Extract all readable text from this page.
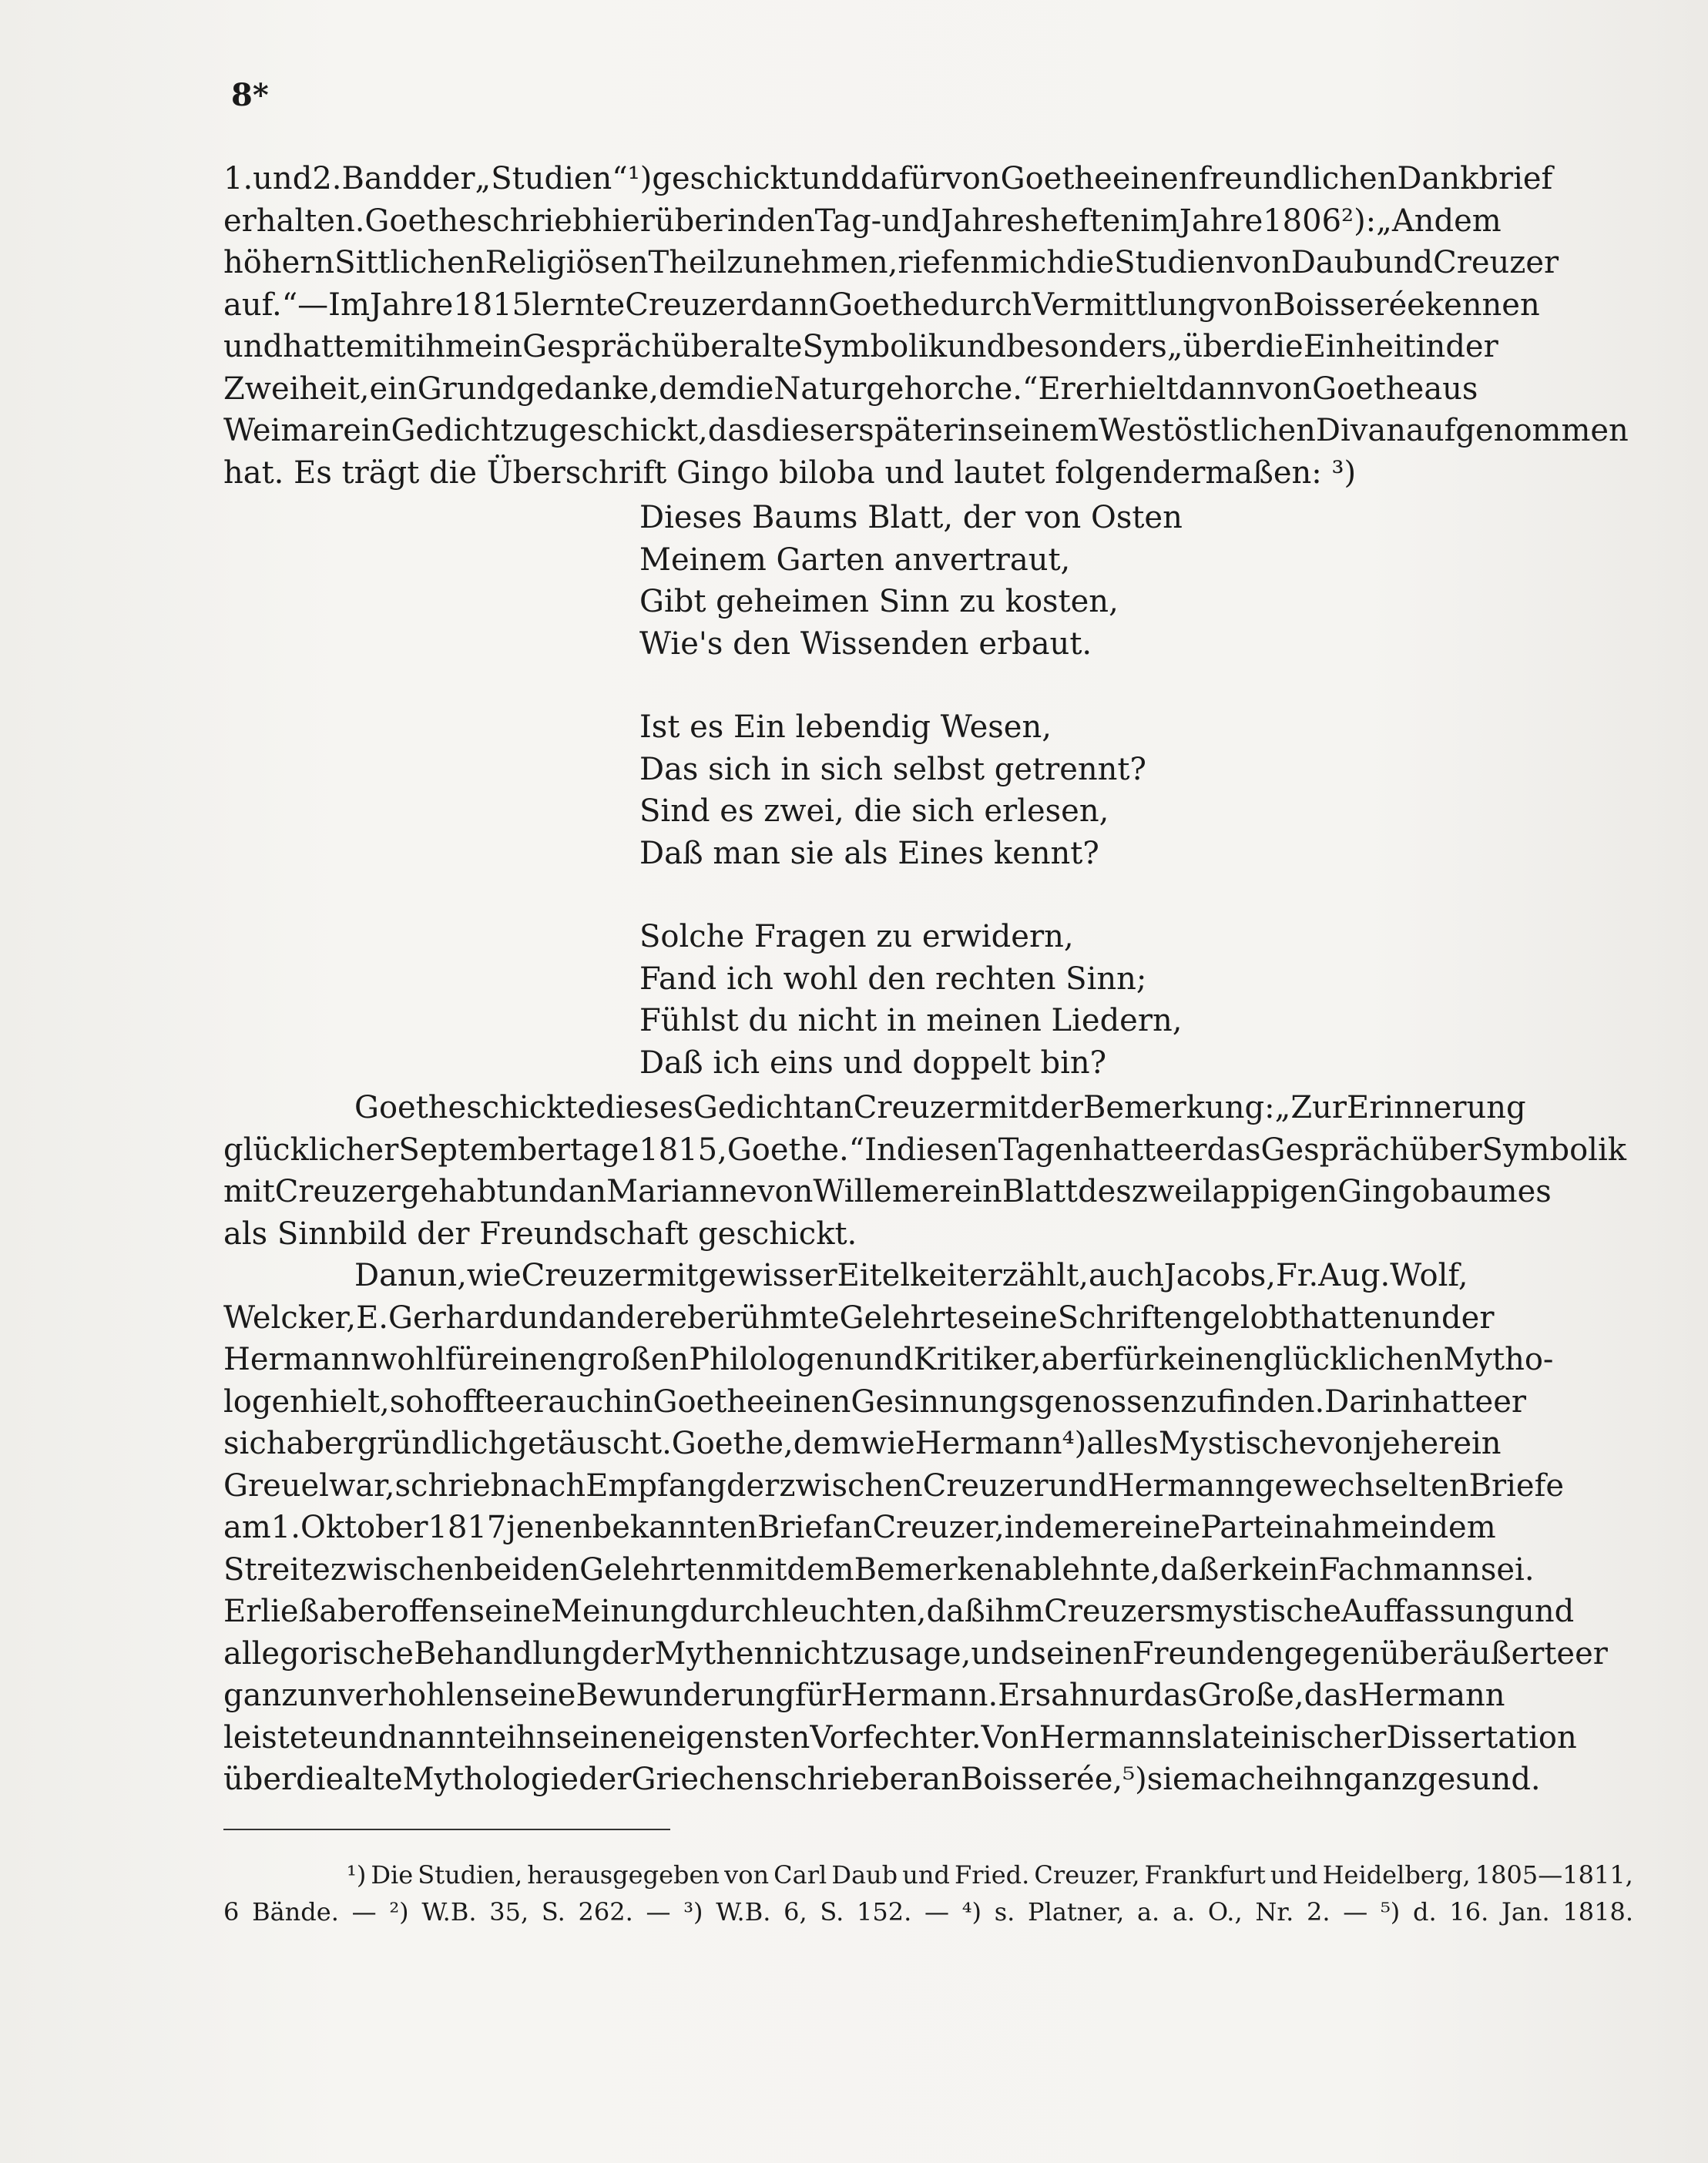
8*
1.und2.Bandder„Studien“¹)geschicktunddafürvonGoetheeinenfreundlichenDankbrief
erhalten.GoetheschriebhierüberindenTag-undJahresheftenimJahre1806²):„Andem
höhernSittlichenReligiösenTheilzunehmen,riefenmichdieStudienvonDaubundCreuzer
auf.“—ImJahre1815lernteCreuzerdannGoethedurchVermittlungvonBoisseréekennen
undhattemitihmeinGesprächüberalteSymbolikundbesonders„überdieEinheitinder
Zweiheit,einGrundgedanke,demdieNaturgehorche.“ErerhieltdannvonGoetheaus
WeimareinGedichtzugeschickt,dasdieserspäterinseinemWestöstlichenDivanaufgenommen
hat. Es trägt die Überschrift Gingo biloba und lautet folgendermaßen: ³)
Dieses Baums Blatt, der von Osten
Meinem Garten anvertraut,
Gibt geheimen Sinn zu kosten,
Wie's den Wissenden erbaut.
Ist es Ein lebendig Wesen,
Das sich in sich selbst getrennt?
Sind es zwei, die sich erlesen,
Daß man sie als Eines kennt?
Solche Fragen zu erwidern,
Fand ich wohl den rechten Sinn;
Fühlst du nicht in meinen Liedern,
Daß ich eins und doppelt bin?
GoetheschicktediesesGedichtanCreuzermitderBemerkung:„ZurErinnerung
glücklicherSeptembertage1815,Goethe.“IndiesenTagenhatteerdasGesprächüberSymbolik
mitCreuzergehabtundanMariannevonWillemereinBlattdeszweilappigenGingobaumes
als Sinnbild der Freundschaft geschickt.
Danun,wieCreuzermitgewisserEitelkeiterzählt,auchJacobs,Fr.Aug.Wolf,
Welcker,E.GerhardundandereberühmteGelehrteseineSchriftengelobthattenunder
HermannwohlfüreinengroßenPhilologenundKritiker,aberfürkeinenglücklichenMytho-
logenhielt,sohoffteerauchinGoetheeinenGesinnungsgenossenzufinden.Darinhatteer
sichabergründlichgetäuscht.Goethe,demwieHermann⁴)allesMystischevonjeherein
Greuelwar,schriebnachEmpfangderzwischenCreuzerundHermanngewechseltenBriefe
am1.Oktober1817jenenbekanntenBriefanCreuzer,indemereineParteinahmeindem
StreitezwischenbeidenGelehrtenmitdemBemerkenablehnte,daßerkeinFachmannsei.
ErließaberoffenseineMeinungdurchleuchten,daßihmCreuzersmystischeAuffassungund
allegorischeBehandlungderMythennichtzusage,undseinenFreundengegenüberäußerteer
ganzunverhohlenseineBewunderungfürHermann.ErsahnurdasGroße,dasHermann
leisteteundnannteihnseineneigenstenVorfechter.VonHermannslateinischerDissertation
überdiealteMythologiederGriechenschrieberanBoisserée,⁵)siemacheihnganzgesund.
¹) Die Studien, herausgegeben von Carl Daub und Fried. Creuzer, Frankfurt und Heidelberg, 1805—1811,
6 Bände. — ²) W.B. 35, S. 262. — ³) W.B. 6, S. 152. — ⁴) s. Platner, a. a. O., Nr. 2. — ⁵) d. 16. Jan. 1818.
